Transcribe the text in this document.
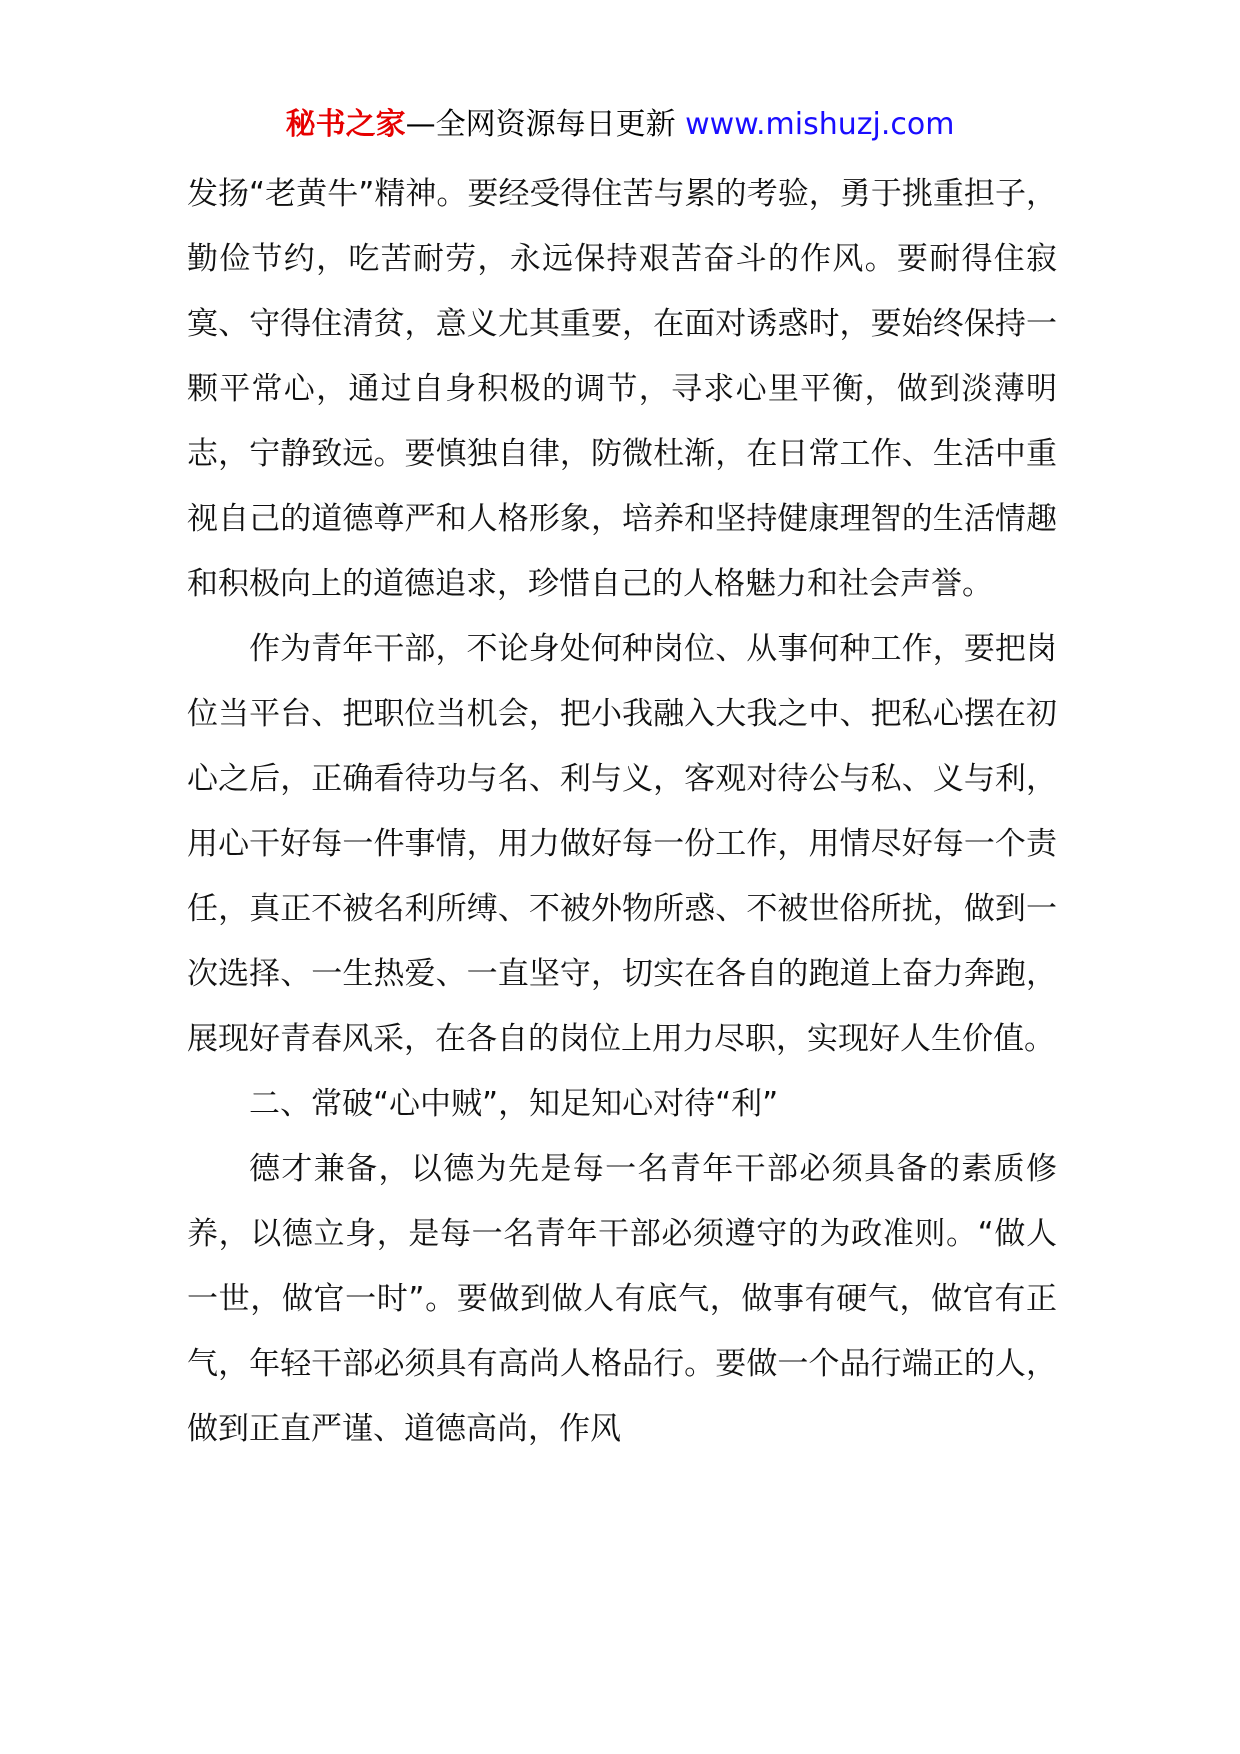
秘书之家—全网资源每日更新 www.mishuzj.com

发扬“老黄牛”精神。要经受得住苦与累的考验，勇于挑重担子，勤俭节约，吃苦耐劳，永远保持艰苦奋斗的作风。要耐得住寂寞、守得住清贫，意义尤其重要，在面对诱惑时，要始终保持一颗平常心，通过自身积极的调节，寻求心里平衡，做到淡薄明志，宁静致远。要慎独自律，防微杜渐，在日常工作、生活中重视自己的道德尊严和人格形象，培养和坚持健康理智的生活情趣和积极向上的道德追求，珍惜自己的人格魅力和社会声誉。

作为青年干部，不论身处何种岗位、从事何种工作，要把岗位当平台、把职位当机会，把小我融入大我之中、把私心摆在初心之后，正确看待功与名、利与义，客观对待公与私、义与利，用心干好每一件事情，用力做好每一份工作，用情尽好每一个责任，真正不被名利所缚、不被外物所惑、不被世俗所扰，做到一次选择、一生热爱、一直坚守，切实在各自的跑道上奋力奔跑，展现好青春风采，在各自的岗位上用力尽职，实现好人生价值。

二、常破“心中贼”，知足知心对待“利”

德才兼备，以德为先是每一名青年干部必须具备的素质修养，以德立身，是每一名青年干部必须遵守的为政准则。“做人一世，做官一时”。要做到做人有底气，做事有硬气，做官有正气，年轻干部必须具有高尚人格品行。要做一个品行端正的人，做到正直严谨、道德高尚，作风
